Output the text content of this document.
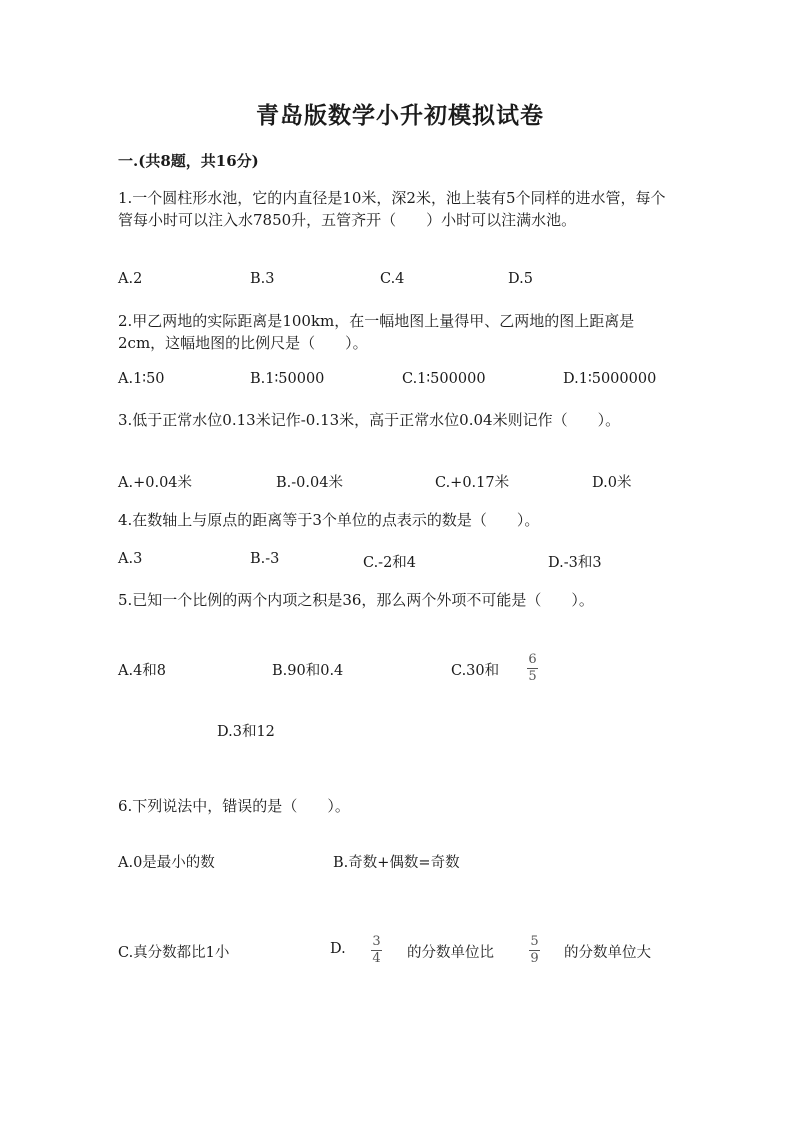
青岛版数学小升初模拟试卷
一.(共8题，共16分)
1.一个圆柱形水池，它的内直径是10米，深2米，池上装有5个同样的进水管，每个管每小时可以注入水7850升，五管齐开（　　）小时可以注满水池。
A.2	B.3	C.4	D.5
2.甲乙两地的实际距离是100km，在一幅地图上量得甲、乙两地的图上距离是2cm，这幅地图的比例尺是（　　）。
A.1∶50	B.1∶50000	C.1∶500000	D.1∶5000000
3.低于正常水位0.13米记作-0.13米，高于正常水位0.04米则记作（　　）。
A.+0.04米	B.-0.04米	C.+0.17米	D.0米
4.在数轴上与原点的距离等于3个单位的点表示的数是（　　）。
A.3	B.-3	C.-2和4	D.-3和3
5.已知一个比例的两个内项之积是36，那么两个外项不可能是（　　）。
A.4和8	B.90和0.4	C.30和
6
5
D.3和12
6.下列说法中，错误的是（　　）。
A.0是最小的数	B.奇数+偶数=奇数
C.真分数都比1小	D. 3
4 的分数单位比
5
9 的分数单位大
